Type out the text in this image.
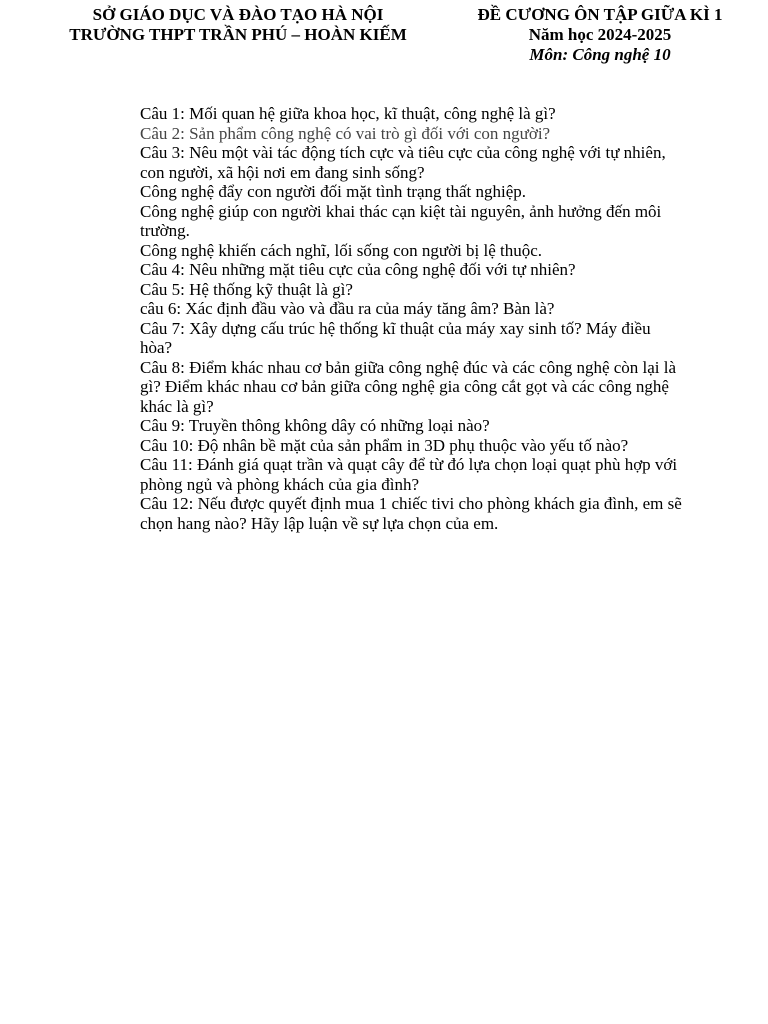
SỞ GIÁO DỤC VÀ ĐÀO TẠO HÀ NỘI
TRƯỜNG THPT TRẦN PHÚ – HOÀN KIẾM
ĐỀ CƯƠNG ÔN TẬP GIỮA KÌ 1
Năm học 2024-2025
Môn: Công nghệ 10

Câu 1: Mối quan hệ giữa khoa học, kĩ thuật, công nghệ là gì?

Câu 2: Sản phẩm công nghệ có vai trò gì đối với con người?

Câu 3: Nêu một vài tác động tích cực và tiêu cực của công nghệ với tự nhiên, con người, xã hội nơi em đang sinh sống?

Công nghệ đẩy con người đối mặt tình trạng thất nghiệp.

Công nghệ giúp con người khai thác cạn kiệt tài nguyên, ảnh hưởng đến môi trường.

Công nghệ khiến cách nghĩ, lối sống con người bị lệ thuộc.

Câu 4: Nêu những mặt tiêu cực của công nghệ đối với tự nhiên?

Câu 5: Hệ thống kỹ thuật là gì?

câu 6: Xác định đầu vào và đầu ra của máy tăng âm? Bàn là?

Câu 7: Xây dựng cấu trúc hệ thống kĩ thuật của máy xay sinh tố? Máy điều hòa?

Câu 8: Điểm khác nhau cơ bản giữa công nghệ đúc và các công nghệ còn lại là gì? Điểm khác nhau cơ bản giữa công nghệ gia công cắt gọt và các công nghệ khác là gì?

Câu 9: Truyền thông không dây có những loại nào?

Câu 10: Độ nhân bề mặt của sản phẩm in 3D phụ thuộc vào yếu tố nào?

Câu 11: Đánh giá quạt trần và quạt cây để từ đó lựa chọn loại quạt phù hợp với phòng ngủ và phòng khách của gia đình?

Câu 12: Nếu được quyết định mua 1 chiếc tivi cho phòng khách gia đình, em sẽ chọn hang nào? Hãy lập luận về sự lựa chọn của em.
